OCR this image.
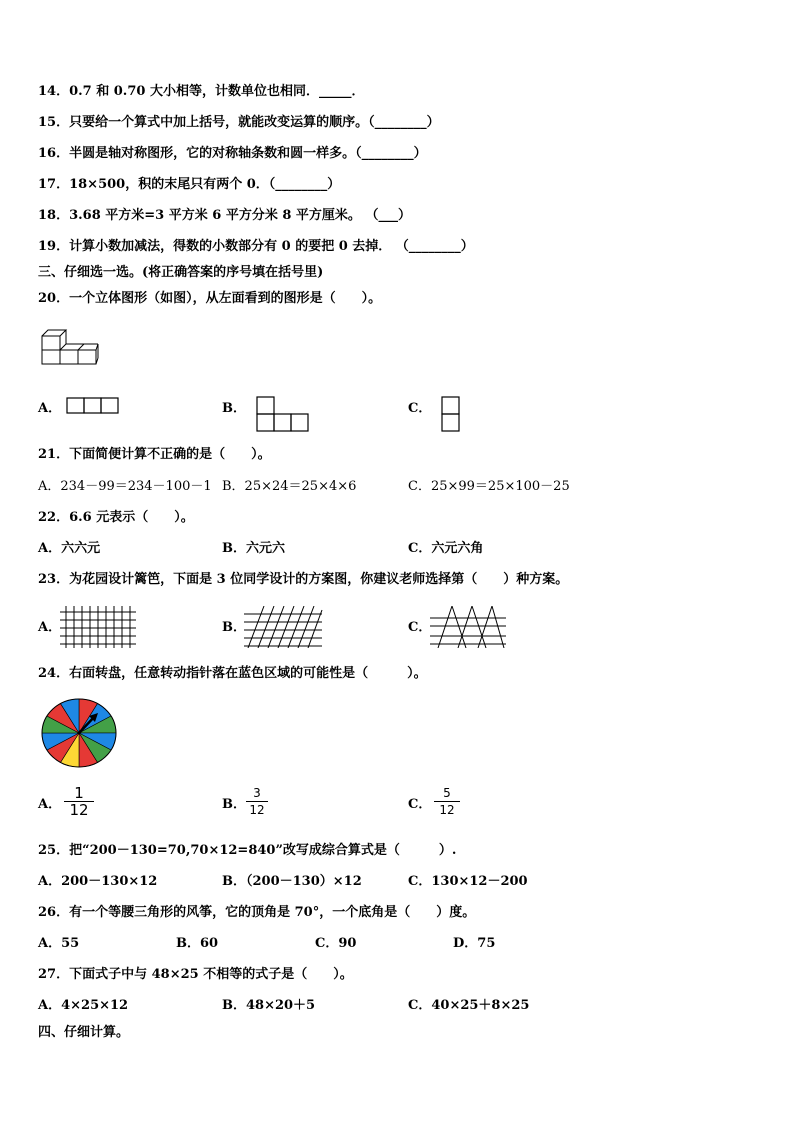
14．0.7 和 0.70 大小相等，计数单位也相同．_____．
15．只要给一个算式中加上括号，就能改变运算的顺序。（________）
16．半圆是轴对称图形，它的对称轴条数和圆一样多。（________）
17．18×500，积的末尾只有两个 0．（________）
18．3.68 平方米=3 平方米 6 平方分米 8 平方厘米。 （___）
19．计算小数加减法，得数的小数部分有 0 的要把 0 去掉． （________）
三、仔细选一选。(将正确答案的序号填在括号里)
20．一个立体图形（如图），从左面看到的图形是（　　）。
A．	B．	C．
21．下面简便计算不正确的是（　　）。
A．234－99＝234－100－1 B．25×24＝25×4×6	C．25×99＝25×100－25
22．6.6 元表示（　　）。
A．六六元	B．六元六	C．六元六角
23．为花园设计篱笆，下面是 3 位同学设计的方案图，你建议老师选择第（　　）种方案。
A．	B．	C．
24．右面转盘，任意转动指针落在蓝色区域的可能性是（　　　）。
A．
1
12	B．
3
12	C．
5
12
25．把“200－130=70,70×12=840”改写成综合算式是（　　　）.
A．200－130×12	B．（200－130）×12	C．130×12－200
26．有一个等腰三角形的风筝，它的顶角是 70°，一个底角是（　　）度。
A．55	B．60	C．90	D．75
27．下面式子中与 48×25 不相等的式子是（　　）。
A．4×25×12	B．48×20＋5	C．40×25＋8×25
四、仔细计算。
